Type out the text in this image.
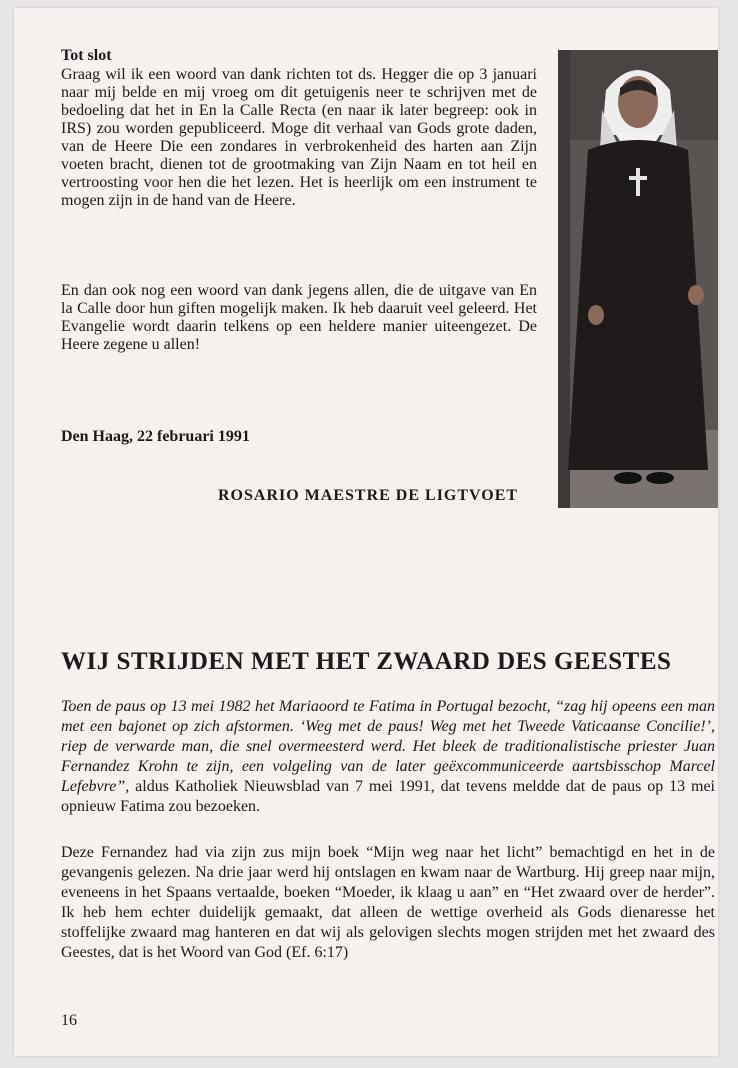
Tot slot
Graag wil ik een woord van dank richten tot ds. Hegger die op 3 januari naar mij belde en mij vroeg om dit getuigenis neer te schrijven met de bedoeling dat het in En la Calle Recta (en naar ik later begreep: ook in IRS) zou worden gepubliceerd. Moge dit verhaal van Gods grote daden, van de Heere Die een zondares in verbrokenheid des harten aan Zijn voeten bracht, dienen tot de grootmaking van Zijn Naam en tot heil en vertroosting voor hen die het lezen. Het is heerlijk om een instrument te mogen zijn in de hand van de Heere.
En dan ook nog een woord van dank jegens allen, die de uitgave van En la Calle door hun giften mogelijk maken. Ik heb daaruit veel geleerd. Het Evangelie wordt daarin telkens op een heldere manier uiteengezet. De Heere zegene u allen!
Den Haag, 22 februari 1991
ROSARIO MAESTRE DE LIGTVOET
WIJ STRIJDEN MET HET ZWAARD DES GEESTES
Toen de paus op 13 mei 1982 het Mariaoord te Fatima in Portugal bezocht, “zag hij opeens een man met een bajonet op zich afstormen. ‘Weg met de paus! Weg met het Tweede Vaticaanse Concilie!’, riep de verwarde man, die snel overmeesterd werd. Het bleek de traditionalistische priester Juan Fernandez Krohn te zijn, een volgeling van de later geëxcommuniceerde aartsbisschop Marcel Lefebvre”, aldus Katholiek Nieuwsblad van 7 mei 1991, dat tevens meldde dat de paus op 13 mei opnieuw Fatima zou bezoeken.
Deze Fernandez had via zijn zus mijn boek “Mijn weg naar het licht” bemachtigd en het in de gevangenis gelezen. Na drie jaar werd hij ontslagen en kwam naar de Wartburg. Hij greep naar mijn, eveneens in het Spaans vertaalde, boeken “Moeder, ik klaag u aan” en “Het zwaard over de herder”. Ik heb hem echter duidelijk gemaakt, dat alleen de wettige overheid als Gods dienaresse het stoffelijke zwaard mag hanteren en dat wij als gelovigen slechts mogen strijden met het zwaard des Geestes, dat is het Woord van God (Ef. 6:17)
16
